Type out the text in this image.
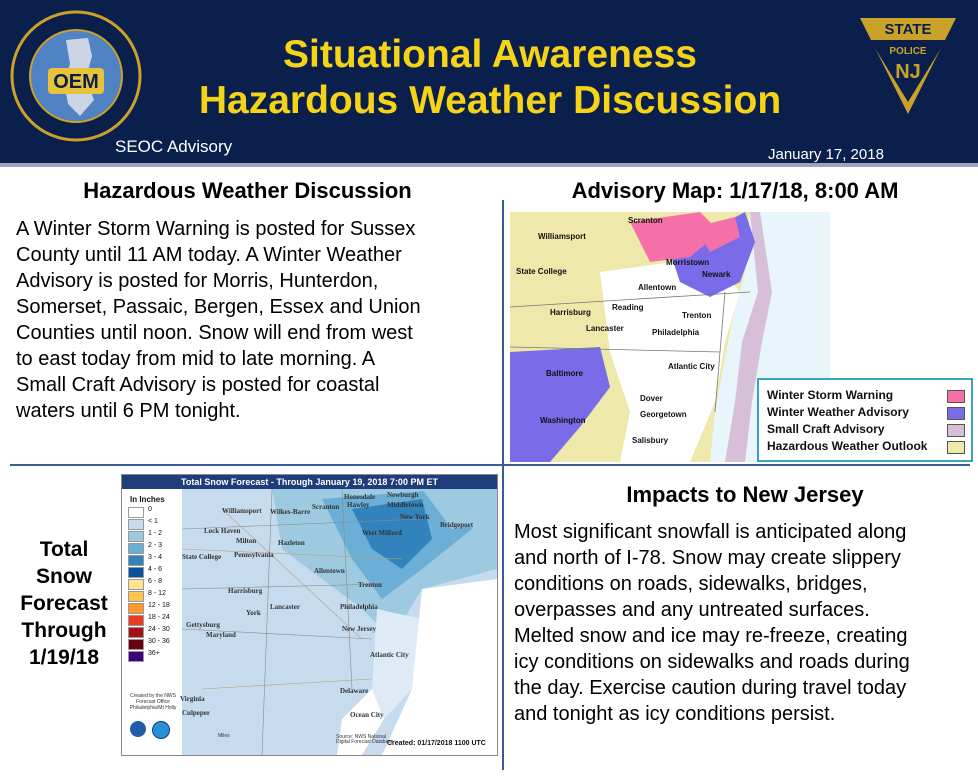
OEM
Situational Awareness
Hazardous Weather Discussion
SEOC Advisory	January 17, 2018
STATE
POLICE
NJ
Hazardous Weather Discussion
A Winter Storm Warning is posted for Sussex
County until 11 AM today. A Winter Weather
Advisory is posted for Morris, Hunterdon,
Somerset, Passaic, Bergen, Essex and Union
Counties until noon. Snow will end from west
to east today from mid to late morning. A
Small Craft Advisory is posted for coastal
waters until 6 PM tonight.
Advisory Map: 1/17/18, 8:00 AM
Scranton
Williamsport
Morristown
Newark
State College
Allentown
Reading
Harrisburg	Trenton
Lancaster	Philadelphia
Atlantic City
Baltimore
Dover
Georgetown
Washington
Salisbury
Winter Storm Warning
Winter Weather Advisory
Small Craft Advisory
Hazardous Weather Outlook
Total
Snow
Forecast
Through
1/19/18
Total Snow Forecast - Through January 19, 2018 7:00 PM ET
In Inches
0
< 1
1 - 2
2 - 3
3 - 4
4 - 6
6 - 8
8 - 12
12 - 18
18 - 24
24 - 30
30 - 36
36+
Honesdale
Hawley
Newburgh
Middletown
Williamsport Wilkes-Barre
Scranton
New York
Bridgeport
Lock Haven
Milton	Hazleton
West Milford
State College Pennsylvania
Allentown
Harrisburg
Trenton
York
Lancaster	Philadelphia
Gettysburg
Maryland
New Jersey
Atlantic City
Virginia
Delaware
Ocean City
Culpeper
Created by the NWS Forecast Office Philadelphia/Mt Holly
Miles	Source: NWS National Digital Forecast Database
Created: 01/17/2018 1100 UTC
Impacts to New Jersey
Most significant snowfall is anticipated along
and north of I-78. Snow may create slippery
conditions on roads, sidewalks, bridges,
overpasses and any untreated surfaces.
Melted snow and ice may re-freeze, creating
icy conditions on sidewalks and roads during
the day. Exercise caution during travel today
and tonight as icy conditions persist.
